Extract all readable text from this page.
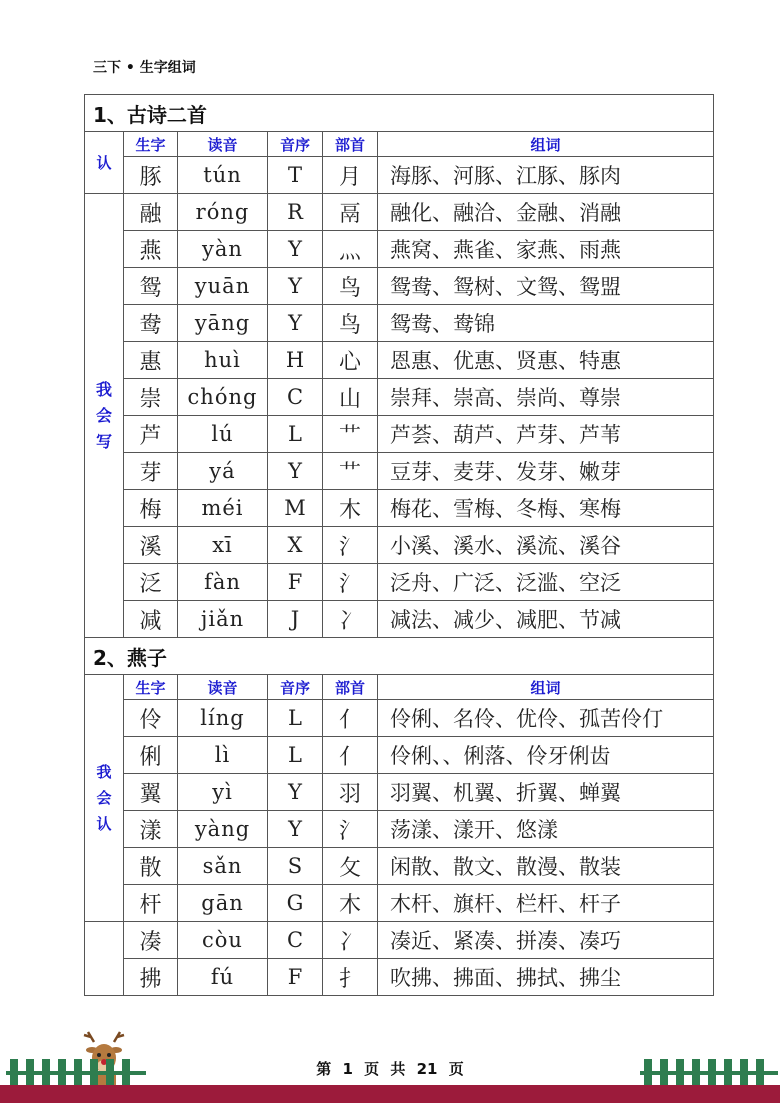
三下 • 生字组词
1、古诗二首					

认	生字	读音	音序	部首	组词
	豚	tún	T	月	海豚、河豚、江豚、豚肉

我
会
写	融	róng	R	鬲	融化、融洽、金融、消融
	燕	yàn	Y	灬	燕窝、燕雀、家燕、雨燕
	鸳	yuān	Y	鸟	鸳鸯、鸳树、文鸳、鸳盟
	鸯	yāng	Y	鸟	鸳鸯、鸯锦
	惠	huì	H	心	恩惠、优惠、贤惠、特惠
	崇	chóng	C	山	崇拜、崇高、崇尚、尊崇
	芦	lú	L	艹	芦荟、葫芦、芦芽、芦苇
	芽	yá	Y	艹	豆芽、麦芽、发芽、嫩芽
	梅	méi	M	木	梅花、雪梅、冬梅、寒梅
	溪	xī	X	氵	小溪、溪水、溪流、溪谷
	泛	fàn	F	氵	泛舟、广泛、泛滥、空泛
	减	jiǎn	J	冫	减法、减少、减肥、节减
2、燕子					

我
会
认	生字	读音	音序	部首	组词
	伶	líng	L	亻	伶俐、名伶、优伶、孤苦伶仃
	俐	lì	L	亻	伶俐、、俐落、伶牙俐齿
	翼	yì	Y	羽	羽翼、机翼、折翼、蝉翼
	漾	yàng	Y	氵	荡漾、漾开、悠漾
	散	sǎn	S	攵	闲散、散文、散漫、散装
	杆	gān	G	木	木杆、旗杆、栏杆、杆子
	凑	còu	C	冫	凑近、紧凑、拼凑、凑巧
	拂	fú	F	扌	吹拂、拂面、拂拭、拂尘
第 1 页 共 21 页
